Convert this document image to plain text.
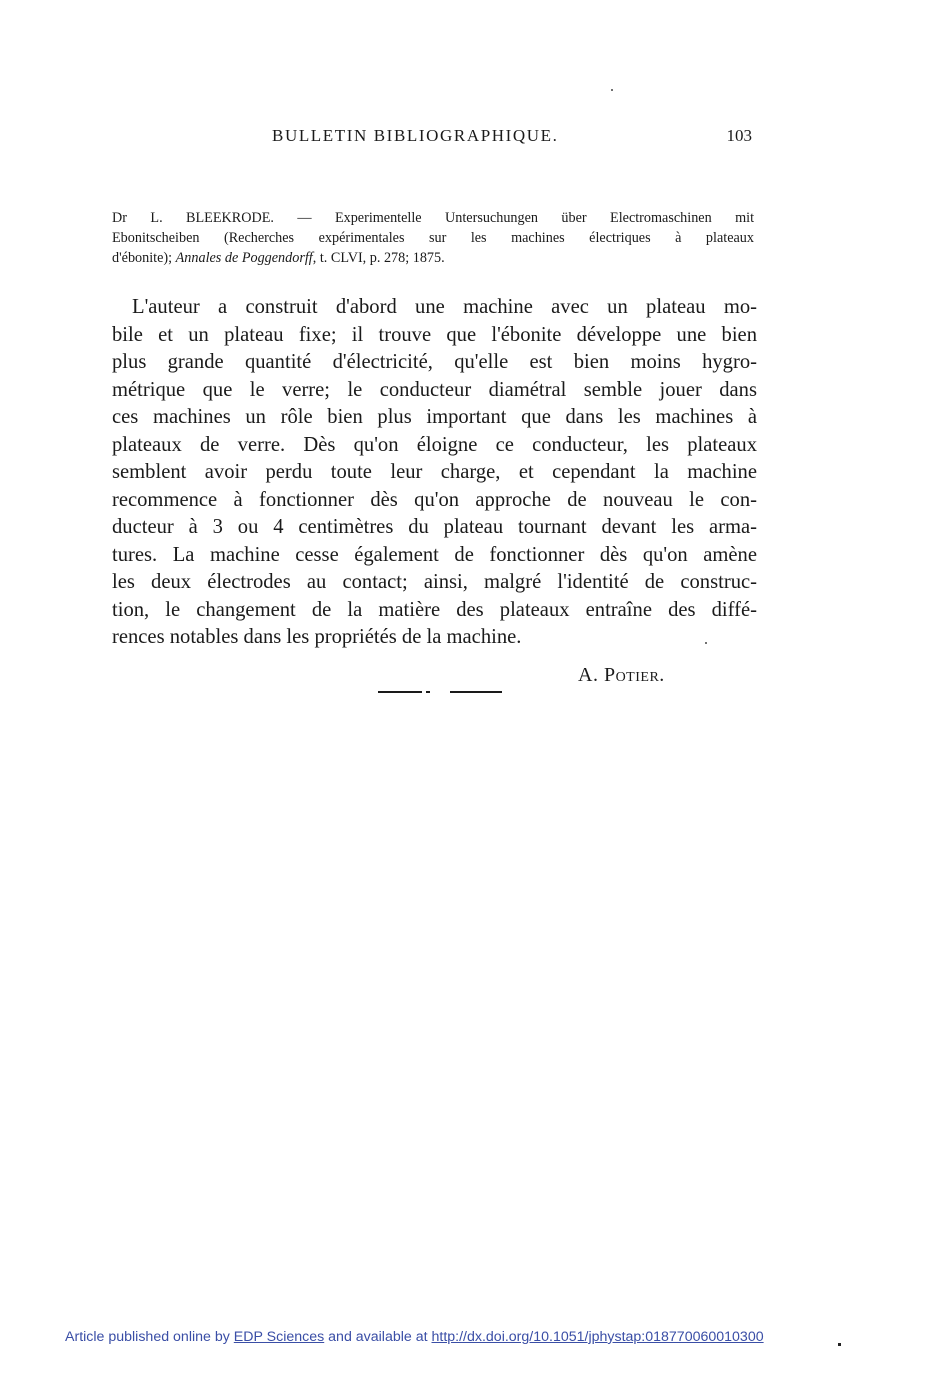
BULLETIN BIBLIOGRAPHIQUE.	103
Dr L. BLEEKRODE. — Experimentelle Untersuchungen über Electromaschinen mit
Ebonitscheiben (Recherches expérimentales sur les machines électriques à plateaux
d'ébonite); Annales de Poggendorff, t. CLVI, p. 278; 1875.
L'auteur a construit d'abord une machine avec un plateau mo-
bile et un plateau fixe; il trouve que l'ébonite développe une bien
plus grande quantité d'électricité, qu'elle est bien moins hygro-
métrique que le verre; le conducteur diamétral semble jouer dans
ces machines un rôle bien plus important que dans les machines à
plateaux de verre. Dès qu'on éloigne ce conducteur, les plateaux
semblent avoir perdu toute leur charge, et cependant la machine
recommence à fonctionner dès qu'on approche de nouveau le con-
ducteur à 3 ou 4 centimètres du plateau tournant devant les arma-
tures. La machine cesse également de fonctionner dès qu'on amène
les deux électrodes au contact; ainsi, malgré l'identité de construc-
tion, le changement de la matière des plateaux entraîne des diffé-
rences notables dans les propriétés de la machine.
A. Potier.
Article published online by EDP Sciences and available at http://dx.doi.org/10.1051/jphystap:018770060010300
